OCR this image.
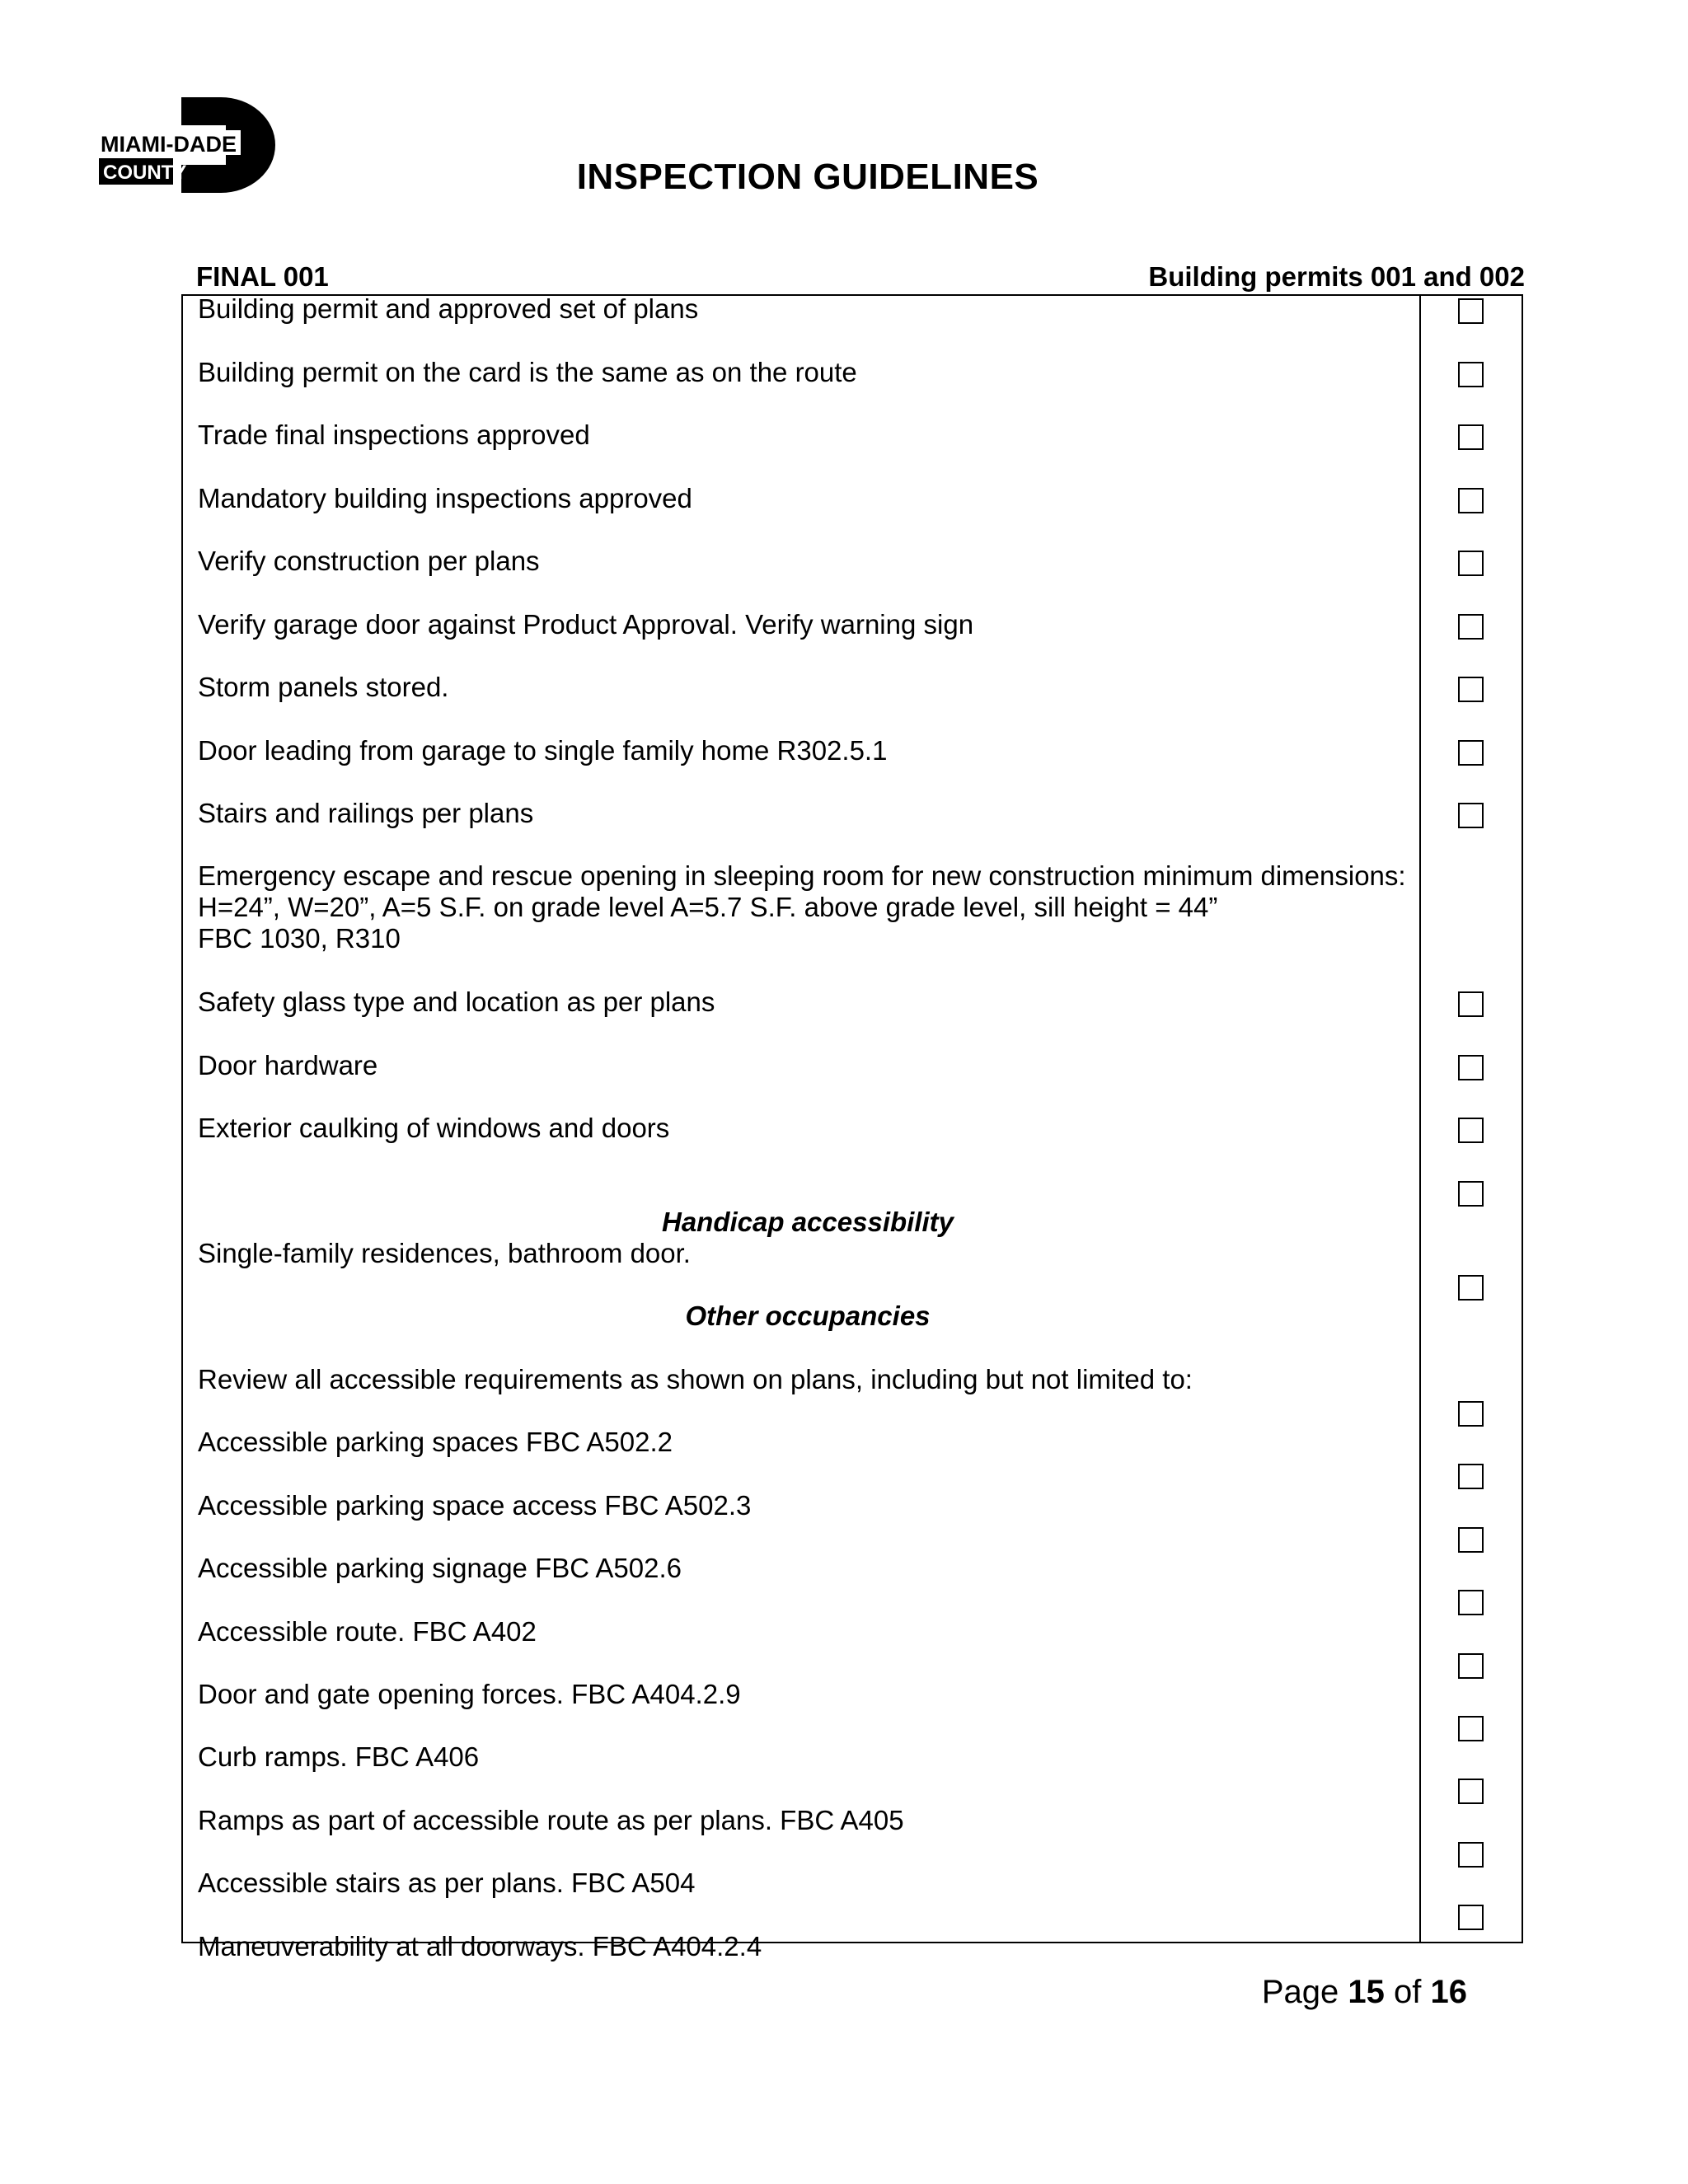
MIAMI-DADE
COUNTY	INSPECTION GUIDELINES
FINAL 001	Building permits 001 and 002
Building permit and approved set of plans
Building permit on the card is the same as on the route
Trade final inspections approved
Mandatory building inspections approved
Verify construction per plans
Verify garage door against Product Approval. Verify warning sign
Storm panels stored.
Door leading from garage to single family home R302.5.1
Stairs and railings per plans
Emergency escape and rescue opening in sleeping room for new construction minimum dimensions:
H=24”, W=20”, A=5 S.F. on grade level A=5.7 S.F. above grade level, sill height = 44”
FBC 1030, R310
Safety glass type and location as per plans
Door hardware
Exterior caulking of windows and doors
Handicap accessibility
Single-family residences, bathroom door.
Other occupancies
Review all accessible requirements as shown on plans, including but not limited to:
Accessible parking spaces FBC A502.2
Accessible parking space access FBC A502.3
Accessible parking signage FBC A502.6
Accessible route. FBC A402
Door and gate opening forces. FBC A404.2.9
Curb ramps. FBC A406
Ramps as part of accessible route as per plans. FBC A405
Accessible stairs as per plans. FBC A504
Maneuverability at all doorways. FBC A404.2.4
Page 15 of 16
